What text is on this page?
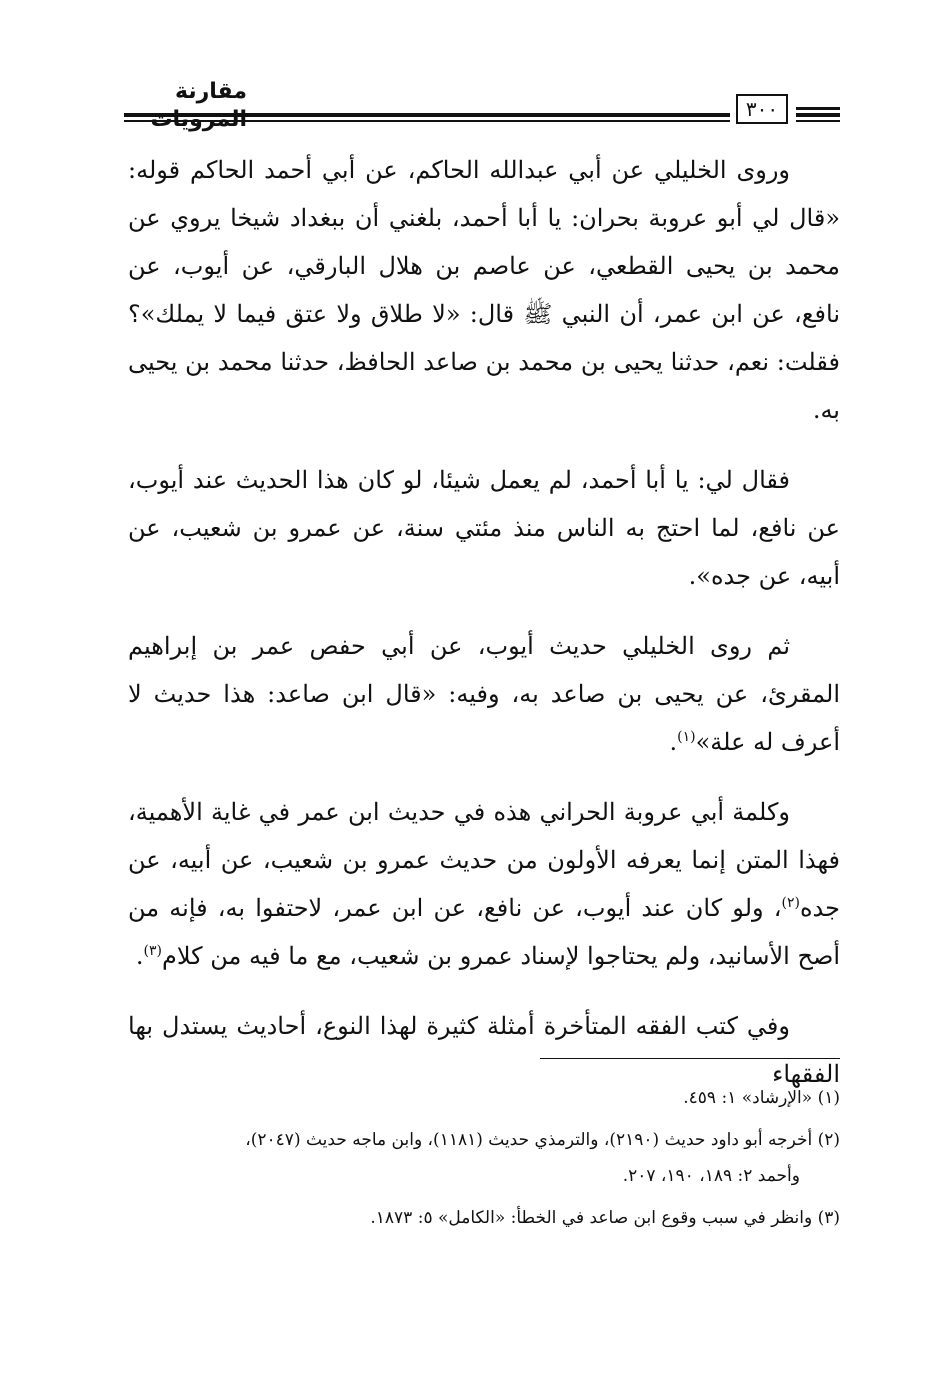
مقارنة
٣٠٠

وروى الخليلي عن أبي عبدالله الحاكم، عن أبي أحمد الحاكم قوله: «قال لي أبو عروبة بحران: يا أبا أحمد، بلغني أن ببغداد شيخا يروي عن محمد بن يحيى القطعي، عن عاصم بن هلال البارقي، عن أيوب، عن نافع، عن ابن عمر، أن النبي ﷺ قال: «لا طلاق ولا عتق فيما لا يملك»؟ فقلت: نعم، حدثنا يحيى بن محمد بن صاعد الحافظ، حدثنا محمد بن يحيى به.

فقال لي: يا أبا أحمد، لم يعمل شيئا، لو كان هذا الحديث عند أيوب، عن نافع، لما احتج به الناس منذ مئتي سنة، عن عمرو بن شعيب، عن أبيه، عن جده».

ثم روى الخليلي حديث أيوب، عن أبي حفص عمر بن إبراهيم المقرئ، عن يحيى بن صاعد به، وفيه: «قال ابن صاعد: هذا حديث لا أعرف له علة»$^{(١)}$.

وكلمة أبي عروبة الحراني هذه في حديث ابن عمر في غاية الأهمية، فهذا المتن إنما يعرفه الأولون من حديث عمرو بن شعيب، عن أبيه، عن جده$^{(٢)}$، ولو كان عند أيوب، عن نافع، عن ابن عمر، لاحتفوا به، فإنه من أصح الأسانيد، ولم يحتاجوا لإسناد عمرو بن شعيب، مع ما فيه من كلام$^{(٣)}$.

وفي كتب الفقه المتأخرة أمثلة كثيرة لهذا النوع، أحاديث يستدل بها الفقهاء

(١) «الإرشاد» ١: ٤٥٩.

(٢) أخرجه أبو داود حديث (٢١٩٠)، والترمذي حديث (١١٨١)، وابن ماجه حديث (٢٠٤٧)،
وأحمد ٢: ١٨٩، ١٩٠، ٢٠٧.

(٣) وانظر في سبب وقوع ابن صاعد في الخطأ: «الكامل» ٥: ١٨٧٣.
